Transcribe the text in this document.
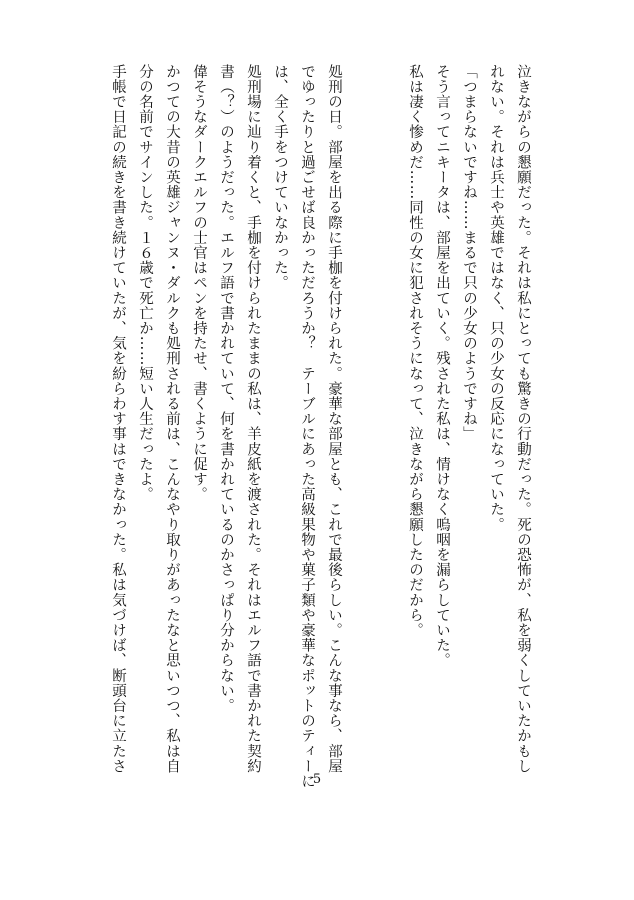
泣きながらの懇願だった。それは私にとっても驚きの行動だった。死の恐怖が、私を弱くしていたかもし
れない。それは兵士や英雄ではなく、只の少女の反応になっていた。
「つまらないですね……まるで只の少女のようですね」
そう言ってニキータは、部屋を出ていく。残された私は、情けなく嗚咽を漏らしていた。
私は凄く惨めだ……同性の女に犯されそうになって、泣きながら懇願したのだから。
処刑の日。部屋を出る際に手枷を付けられた。豪華な部屋とも、これで最後らしい。こんな事なら、部屋
でゆったりと過ごせば良かっただろうか？　テーブルにあった高級果物や菓子類や豪華なポットのティーに
は、全く手をつけていなかった。
処刑場に辿り着くと、手枷を付けられたままの私は、羊皮紙を渡された。それはエルフ語で書かれた契約
書（？）のようだった。エルフ語で書かれていて、何を書かれているのかさっぱり分からない。
偉そうなダークエルフの士官はペンを持たせ、書くように促す。
かつての大昔の英雄ジャンヌ・ダルクも処刑される前は、こんなやり取りがあったなと思いつつ、私は自
分の名前でサインした。１６歳で死亡か……短い人生だったよ。
手帳で日記の続きを書き続けていたが、気を紛らわす事はできなかった。私は気づけば、断頭台に立たさ
5
